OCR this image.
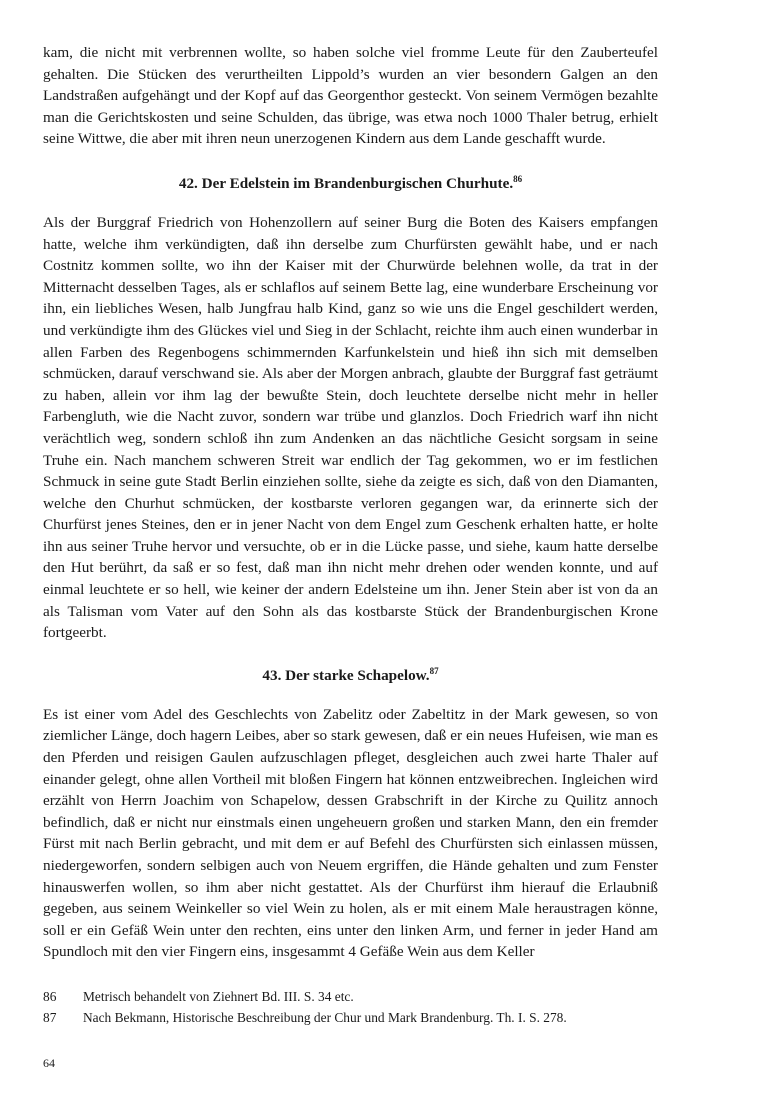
kam, die nicht mit verbrennen wollte, so haben solche viel fromme Leute für den Zauberteufel gehalten. Die Stücken des verurtheilten Lippold’s wurden an vier besondern Galgen an den Landstraßen aufgehängt und der Kopf auf das Georgenthor gesteckt. Von seinem Vermögen bezahlte man die Gerichtskosten und seine Schulden, das übrige, was etwa noch 1000 Thaler betrug, erhielt seine Wittwe, die aber mit ihren neun unerzogenen Kindern aus dem Lande geschafft wurde.

42. Der Edelstein im Brandenburgischen Churhute.$^{86}$

Als der Burggraf Friedrich von Hohenzollern auf seiner Burg die Boten des Kaisers empfangen hatte, welche ihm verkündigten, daß ihn derselbe zum Churfürsten gewählt habe, und er nach Costnitz kommen sollte, wo ihn der Kaiser mit der Churwürde belehnen wolle, da trat in der Mitternacht desselben Tages, als er schlaflos auf seinem Bette lag, eine wunderbare Erscheinung vor ihn, ein liebliches Wesen, halb Jungfrau halb Kind, ganz so wie uns die Engel geschildert werden, und verkündigte ihm des Glückes viel und Sieg in der Schlacht, reichte ihm auch einen wunderbar in allen Farben des Regenbogens schimmernden Karfunkelstein und hieß ihn sich mit demselben schmücken, darauf verschwand sie. Als aber der Morgen anbrach, glaubte der Burggraf fast geträumt zu haben, allein vor ihm lag der bewußte Stein, doch leuchtete derselbe nicht mehr in heller Farbengluth, wie die Nacht zuvor, sondern war trübe und glanzlos. Doch Friedrich warf ihn nicht verächtlich weg, sondern schloß ihn zum Andenken an das nächtliche Gesicht sorgsam in seine Truhe ein. Nach manchem schweren Streit war endlich der Tag gekommen, wo er im festlichen Schmuck in seine gute Stadt Berlin einziehen sollte, siehe da zeigte es sich, daß von den Diamanten, welche den Churhut schmücken, der kostbarste verloren gegangen war, da erinnerte sich der Churfürst jenes Steines, den er in jener Nacht von dem Engel zum Geschenk erhalten hatte, er holte ihn aus seiner Truhe hervor und versuchte, ob er in die Lücke passe, und siehe, kaum hatte derselbe den Hut berührt, da saß er so fest, daß man ihn nicht mehr drehen oder wenden konnte, und auf einmal leuchtete er so hell, wie keiner der andern Edelsteine um ihn. Jener Stein aber ist von da an als Talisman vom Vater auf den Sohn als das kostbarste Stück der Brandenburgischen Krone fortgeerbt.

43. Der starke Schapelow.$^{87}$

Es ist einer vom Adel des Geschlechts von Zabelitz oder Zabeltitz in der Mark gewesen, so von ziemlicher Länge, doch hagern Leibes, aber so stark gewesen, daß er ein neues Hufeisen, wie man es den Pferden und reisigen Gaulen aufzuschlagen pfleget, desgleichen auch zwei harte Thaler auf einander gelegt, ohne allen Vortheil mit bloßen Fingern hat können entzweibrechen. Ingleichen wird erzählt von Herrn Joachim von Schapelow, dessen Grabschrift in der Kirche zu Quilitz annoch befindlich, daß er nicht nur einstmals einen ungeheuern großen und starken Mann, den ein fremder Fürst mit nach Berlin gebracht, und mit dem er auf Befehl des Churfürsten sich einlassen müssen, niedergeworfen, sondern selbigen auch von Neuem ergriffen, die Hände gehalten und zum Fenster hinauswerfen wollen, so ihm aber nicht gestattet. Als der Churfürst ihm hierauf die Erlaubniß gegeben, aus seinem Weinkeller so viel Wein zu holen, als er mit einem Male heraustragen könne, soll er ein Gefäß Wein unter den rechten, eins unter den linken Arm, und ferner in jeder Hand am Spundloch mit den vier Fingern eins, insgesammt 4 Gefäße Wein aus dem Keller

86	Metrisch behandelt von Ziehnert Bd. III. S. 34 etc.
87	Nach Bekmann, Historische Beschreibung der Chur und Mark Brandenburg. Th. I. S. 278.
64
